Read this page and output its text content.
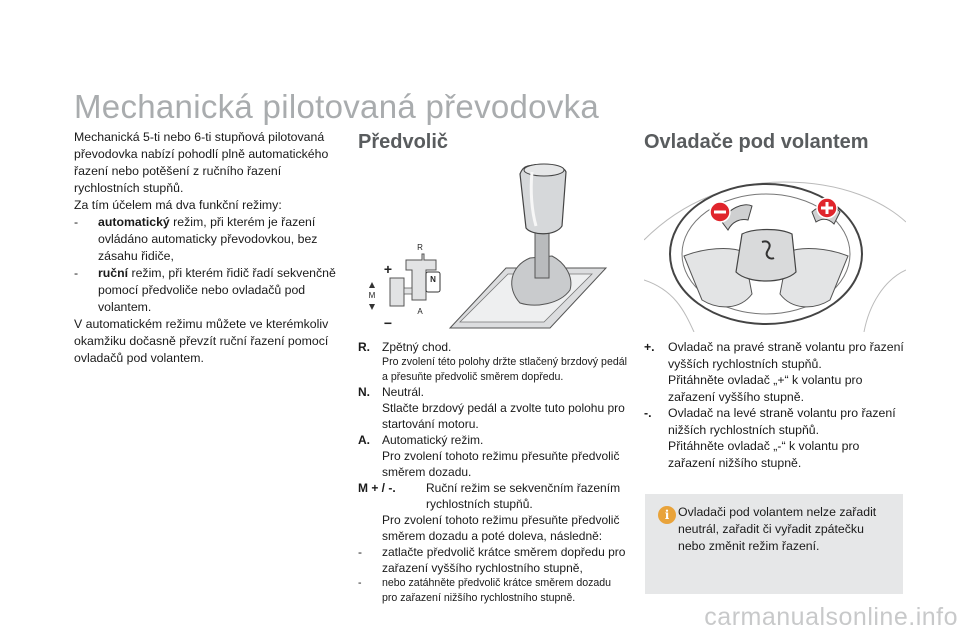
Mechanická pilotovaná převodovka

Mechanická 5-ti nebo 6-ti stupňová pilotovaná převodovka nabízí pohodlí plně automatického řazení nebo potěšení z ručního řazení rychlostních stupňů.

Za tím účelem má dva funkční režimy:

-	automatický režim, při kterém je řazení ovládáno automaticky převodovkou, bez zásahu řidiče,
-	ruční režim, při kterém řidič řadí sekvenčně pomocí předvoliče nebo ovladačů pod volantem.

V automatickém režimu můžete ve kterémkoliv okamžiku dočasně převzít ruční řazení pomocí ovladačů pod volantem.

Předvolič
N
R
A
M
+
−
R.	Zpětný chod.
Pro zvolení této polohy držte stlačený brzdový pedál a přesuňte předvolič směrem dopředu.
N.	Neutrál.
Stlačte brzdový pedál a zvolte tuto polohu pro startování motoru.
A.	Automatický režim.
Pro zvolení tohoto režimu přesuňte předvolič směrem dozadu.
M + / -.	Ruční režim se sekvenčním řazením rychlostních stupňů.
Pro zvolení tohoto režimu přesuňte předvolič směrem dozadu a poté doleva, následně:
-	zatlačte předvolič krátce směrem dopředu pro zařazení vyššího rychlostního stupně,
-	nebo zatáhněte předvolič krátce směrem dozadu pro zařazení nižšího rychlostního stupně.
Ovladače pod volantem
+.	Ovladač na pravé straně volantu pro řazení vyšších rychlostních stupňů.
Přitáhněte ovladač „+“ k volantu pro zařazení vyššího stupně.
-.	Ovladač na levé straně volantu pro řazení nižších rychlostních stupňů.
Přitáhněte ovladač „-“ k volantu pro zařazení nižšího stupně.
i Ovladači pod volantem nelze zařadit neutrál, zařadit či vyřadit zpátečku nebo změnit režim řazení.
carmanualsonline.info
